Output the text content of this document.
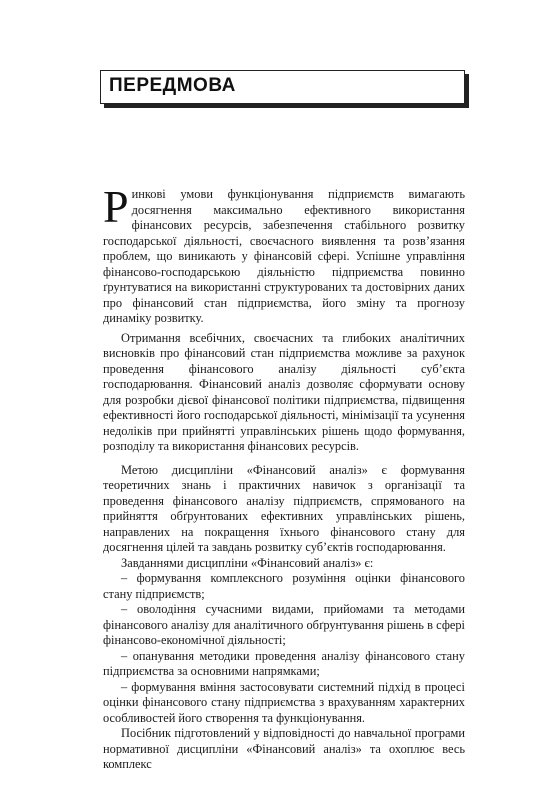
ПЕРЕДМОВА

Ринкові умови функціонування підприємств вимагають досягнення максимально ефективного використання фінансових ресурсів, забезпечення стабільного розвитку господарської діяльності, своєчасного виявлення та розв’язання проблем, що виникають у фінансовій сфері. Успішне управління фінансово-господарською діяльністю підприємства повинно ґрунтуватися на використанні структурованих та достовірних даних про фінансовий стан підприємства, його зміну та прогнозу динаміку розвитку.

Отримання всебічних, своєчасних та глибоких аналітичних висновків про фінансовий стан підприємства можливе за рахунок проведення фінансового аналізу діяльності суб’єкта господарювання. Фінансовий аналіз дозволяє сформувати основу для розробки дієвої фінансової політики підприємства, підвищення ефективності його господарської діяльності, мінімізації та усунення недоліків при прийнятті управлінських рішень щодо формування, розподілу та використання фінансових ресурсів.

Метою дисципліни «Фінансовий аналіз» є формування теоретичних знань і практичних навичок з організації та проведення фінансового аналізу підприємств, спрямованого на прийняття обґрунтованих ефективних управлінських рішень, направлених на покращення їхнього фінансового стану для досягнення цілей та завдань розвитку суб’єктів господарювання.

Завданнями дисципліни «Фінансовий аналіз» є:

– формування комплексного розуміння оцінки фінансового стану підприємств;

– оволодіння сучасними видами, прийомами та методами фінансового аналізу для аналітичного обґрунтування рішень в сфері фінансово-економічної діяльності;

– опанування методики проведення аналізу фінансового стану підприємства за основними напрямками;

– формування вміння застосовувати системний підхід в процесі оцінки фінансового стану підприємства з врахуванням характерних особливостей його створення та функціонування.

Посібник підготовлений у відповідності до навчальної програми нормативної дисципліни «Фінансовий аналіз» та охоплює весь комплекс
